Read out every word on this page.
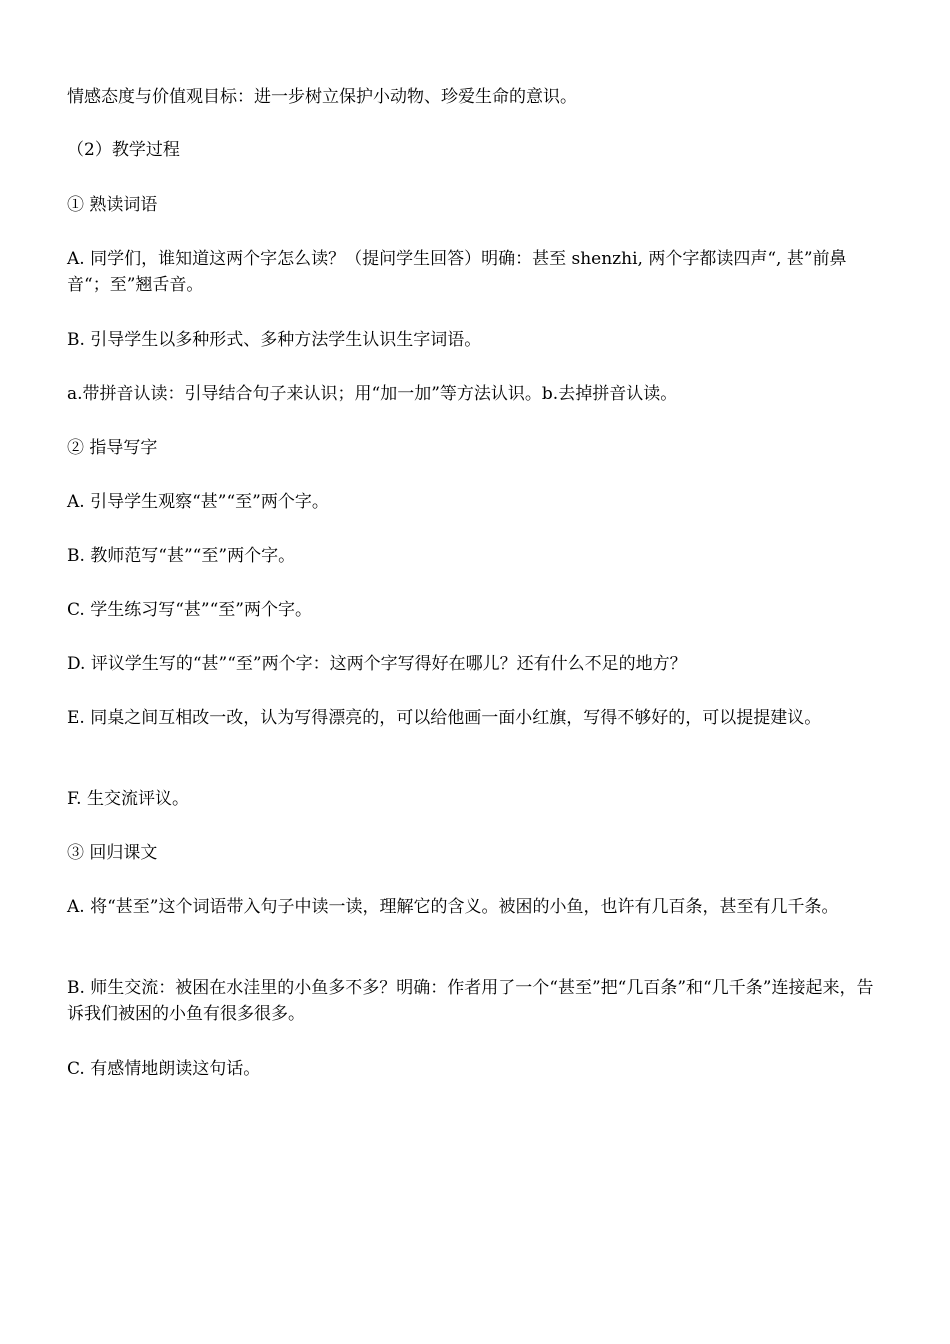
情感态度与价值观目标：进一步树立保护小动物、珍爱生命的意识。

（2）教学过程

① 熟读词语

A. 同学们，谁知道这两个字怎么读？（提问学生回答）明确：甚至 shenzhi, 两个字都读四声“, 甚”前鼻音“；至”翘舌音。

B. 引导学生以多种形式、多种方法学生认识生字词语。

a.带拼音认读：引导结合句子来认识；用“加一加”等方法认识。b.去掉拼音认读。

② 指导写字

A. 引导学生观察“甚”“至”两个字。

B. 教师范写“甚”“至”两个字。

C. 学生练习写“甚”“至”两个字。

D. 评议学生写的“甚”“至”两个字：这两个字写得好在哪儿？还有什么不足的地方？

E. 同桌之间互相改一改，认为写得漂亮的，可以给他画一面小红旗，写得不够好的，可以提提建议。

F. 生交流评议。

③ 回归课文

A. 将“甚至”这个词语带入句子中读一读，理解它的含义。被困的小鱼，也许有几百条，甚至有几千条。

B. 师生交流：被困在水洼里的小鱼多不多？明确：作者用了一个“甚至”把“几百条”和“几千条”连接起来，告诉我们被困的小鱼有很多很多。

C. 有感情地朗读这句话。
